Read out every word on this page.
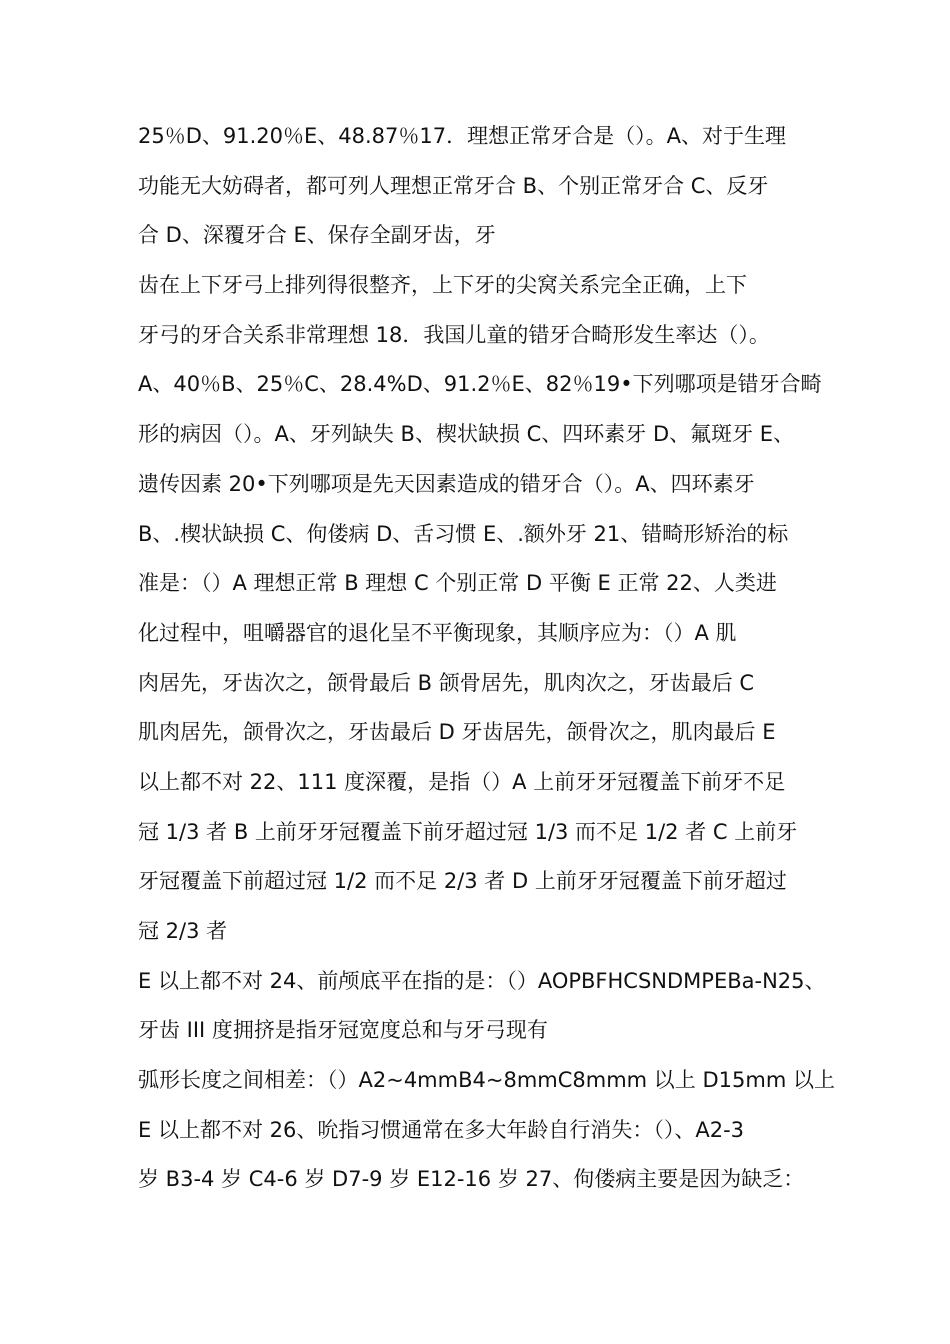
25％D、91.20％E、48.87％17．理想正常牙合是（）。A、对于生理
功能无大妨碍者，都可列人理想正常牙合 B、个别正常牙合 C、反牙
合 D、深覆牙合 E、保存全副牙齿，牙
齿在上下牙弓上排列得很整齐，上下牙的尖窝关系完全正确，上下
牙弓的牙合关系非常理想 18．我国儿童的错牙合畸形发生率达（）。
A、40％B、25％C、28.4%D、91.2％E、82％19•下列哪项是错牙合畸
形的病因（）。A、牙列缺失 B、楔状缺损 C、四环素牙 D、氟斑牙 E、
遗传因素 20•下列哪项是先天因素造成的错牙合（）。A、四环素牙
B、.楔状缺损 C、佝偻病 D、舌习惯 E、.额外牙 21、错畸形矫治的标
准是：（）A 理想正常 B 理想 C 个别正常 D 平衡 E 正常 22、人类进
化过程中，咀嚼器官的退化呈不平衡现象，其顺序应为：（）A 肌
肉居先，牙齿次之，颌骨最后 B 颌骨居先，肌肉次之，牙齿最后 C
肌肉居先，颌骨次之，牙齿最后 D 牙齿居先，颌骨次之，肌肉最后 E
以上都不对 22、111 度深覆，是指（）A 上前牙牙冠覆盖下前牙不足
冠 1/3 者 B 上前牙牙冠覆盖下前牙超过冠 1/3 而不足 1/2 者 C 上前牙
牙冠覆盖下前超过冠 1/2 而不足 2/3 者 D 上前牙牙冠覆盖下前牙超过
冠 2/3 者
E 以上都不对 24、前颅底平在指的是：（）AOPBFHCSNDMPEBa-N25、
牙齿 III 度拥挤是指牙冠宽度总和与牙弓现有
弧形长度之间相差：（）A2~4mmB4~8mmC8mmm 以上 D15mm 以上
E 以上都不对 26、吮指习惯通常在多大年龄自行消失：（）、A2-3
岁 B3-4 岁 C4-6 岁 D7-9 岁 E12-16 岁 27、佝偻病主要是因为缺乏：
